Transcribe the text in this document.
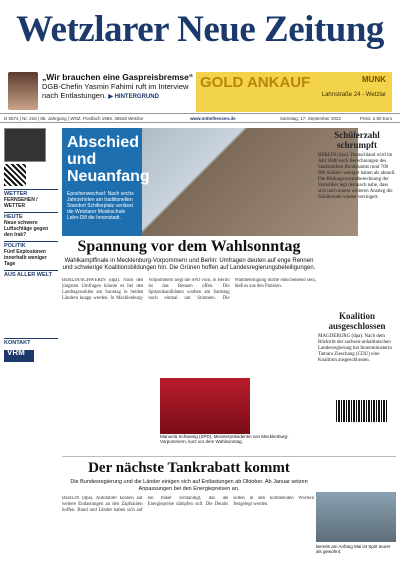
Wetzlarer Neue Zeitung
„Wir brauchen eine Gaspreisbremse“
DGB-Chefin Yasmin Fahimi ruft im Interview nach Entlastungen. ▶ HINTERGRUND
GOLD ANKAUF	MUNK
Lahnstraße 24 - Wetzlar
D 5574 | Nr. 218 | 85. Jahrgang | WNZ, Postfach 1965, 35528 Wetzlar	www.mittelhessen.de	Samstag, 17. September 2022	Preis: 2,90 Euro
WETTER
FERNSEHEN / WETTER
HEUTE
Neue schwere Luftschläge gegen den Irak?
POLITIK
Fünf Explosionen innerhalb weniger Tage
AUS ALLER WELT
KONTAKT
VRM
Abschied und Neuanfang
Epochenwechsel: Nach sechs Jahrzehnten am traditionellen Standort Schillerplatz verlässt die Wetzlarer Musikschule Lahn-Dill die Innenstadt.
Schülerzahl schrumpft
BERLIN (dpa). Deutschland wird im Jahr 2040 nach Berechnungen des Statistischen Bundesamts rund 700 000 Schüler weniger haben als aktuell. Die Bildungsvorausberechnung der Statistiker legt demnach nahe, dass sich nach einem weiteren Anstieg die Schülerzahl wieder verringert.
Koalition ausgeschlossen
MAGDEBURG (dpa). Nach dem Rücktritt der sachsen-anhaltinischen Landesregierung hat Innenministerin Tamara Zieschang (CDU) eine Koalition ausgeschlossen.
Spannung vor dem Wahlsonntag
Wahlkampffinale in Mecklenburg-Vorpommern und Berlin: Umfragen deuten auf enge Rennen und schwierige Koalitionsbildungen hin. Die Grünen hoffen auf Landesregierungsbeteiligungen.
BERLIN/SCHWERIN (dpa). Nach den jüngsten Umfragen könnte es bei den Landtagswahlen am Sonntag in beiden Ländern knapp werden. In Mecklenburg-Vorpommern liegt die SPD vorn, in Berlin ist das Rennen offen. Die Spitzenkandidaten warben am Samstag noch einmal um Stimmen. Die Wahlbeteiligung dürfte entscheidend sein, hieß es aus den Parteien.
Manuela Schwesig (SPD), Ministerpräsidentin von Mecklenburg-Vorpommern, kurz vor dem Wahlsonntag.
Der nächste Tankrabatt kommt
Die Bundesregierung und die Länder einigen sich auf Entlastungen ab Oktober. Ab Januar setzen Anpassungen bei den Energiepreisen an.
BERLIN (dpa). Autofahrer können auf weitere Entlastungen an den Zapfsäulen hoffen. Bund und Länder haben sich auf ein Paket verständigt, das die Energiepreise dämpfen soll. Die Details sollen in den kommenden Wochen festgelegt werden.
Bereits am Anfang Mai ist Sprit teurer als gewohnt.
